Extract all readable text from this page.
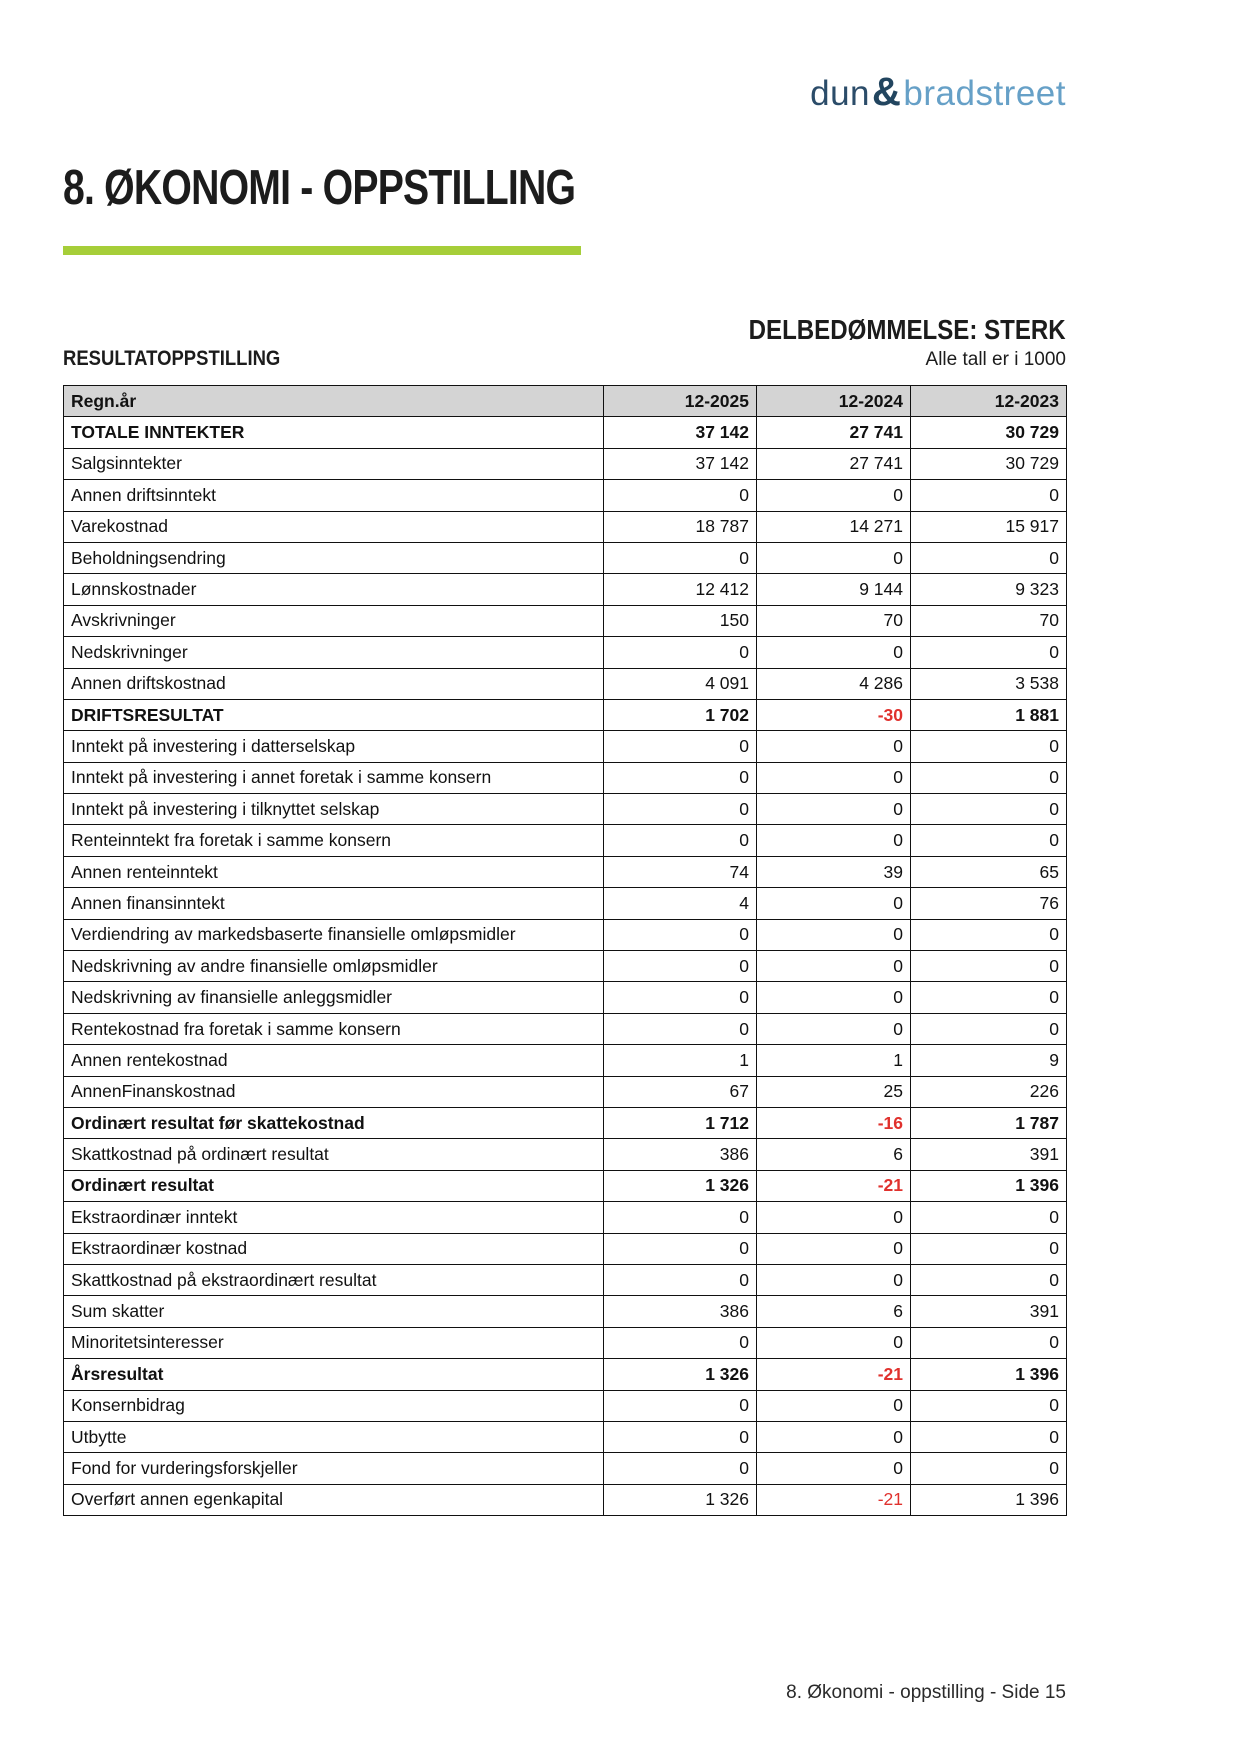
dun&bradstreet
8. ØKONOMI - OPPSTILLING
DELBEDØMMELSE: STERK
Alle tall er i 1000
RESULTATOPPSTILLING
Regn.år	12-2025	12-2024	12-2023
TOTALE INNTEKTER	37 142	27 741	30 729
Salgsinntekter	37 142	27 741	30 729
Annen driftsinntekt	0	0	0
Varekostnad	18 787	14 271	15 917
Beholdningsendring	0	0	0
Lønnskostnader	12 412	9 144	9 323
Avskrivninger	150	70	70
Nedskrivninger	0	0	0
Annen driftskostnad	4 091	4 286	3 538
DRIFTSRESULTAT	1 702	-30	1 881
Inntekt på investering i datterselskap	0	0	0
Inntekt på investering i annet foretak i samme konsern	0	0	0
Inntekt på investering i tilknyttet selskap	0	0	0
Renteinntekt fra foretak i samme konsern	0	0	0
Annen renteinntekt	74	39	65
Annen finansinntekt	4	0	76
Verdiendring av markedsbaserte finansielle omløpsmidler	0	0	0
Nedskrivning av andre finansielle omløpsmidler	0	0	0
Nedskrivning av finansielle anleggsmidler	0	0	0
Rentekostnad fra foretak i samme konsern	0	0	0
Annen rentekostnad	1	1	9
AnnenFinanskostnad	67	25	226
Ordinært resultat før skattekostnad	1 712	-16	1 787
Skattkostnad på ordinært resultat	386	6	391
Ordinært resultat	1 326	-21	1 396
Ekstraordinær inntekt	0	0	0
Ekstraordinær kostnad	0	0	0
Skattkostnad på ekstraordinært resultat	0	0	0
Sum skatter	386	6	391
Minoritetsinteresser	0	0	0
Årsresultat	1 326	-21	1 396
Konsernbidrag	0	0	0
Utbytte	0	0	0
Fond for vurderingsforskjeller	0	0	0
Overført annen egenkapital	1 326	-21	1 396
8. Økonomi - oppstilling - Side 15
